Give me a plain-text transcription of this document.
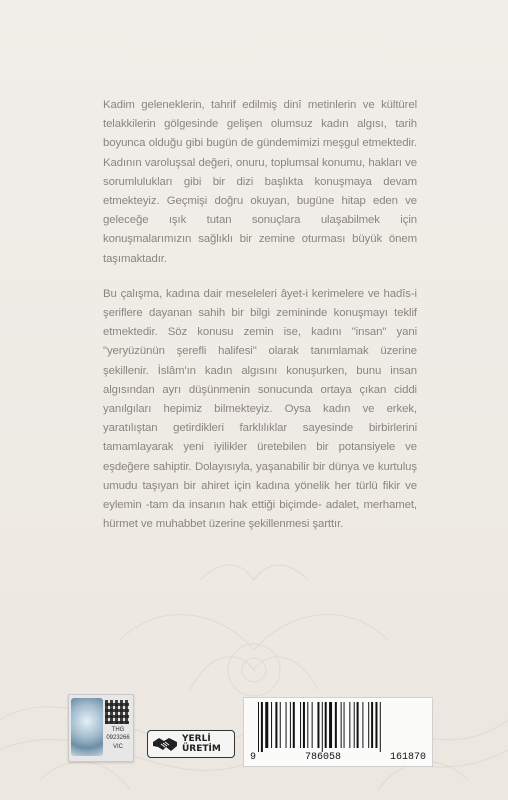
Kadim geleneklerin, tahrif edilmiş dinî metinlerin ve kültürel telakkilerin gölgesinde gelişen olumsuz kadın algısı, tarih boyunca olduğu gibi bugün de gündemimizi meşgul etmektedir. Kadının varoluşsal değeri, onuru, toplumsal konumu, hakları ve sorumlulukları gibi bir dizi başlıkta konuşmaya devam etmekteyiz. Geçmişi doğru okuyan, bugüne hitap eden ve geleceğe ışık tutan sonuçlara ulaşabilmek için konuşmalarımızın sağlıklı bir zemine oturması büyük önem taşımaktadır.

Bu çalışma, kadına dair meseleleri âyet-i kerimelere ve hadîs-i şeriflere dayanan sahih bir bilgi zemininde konuşmayı teklif etmektedir. Söz konusu zemin ise, kadını "insan" yani "yeryüzünün şerefli halifesi" olarak tanımlamak üzerine şekillenir. İslâm'ın kadın algısını konuşurken, bunu insan algısından ayrı düşünmenin sonucunda ortaya çıkan ciddi yanılgıları hepimiz bilmekteyiz. Oysa kadın ve erkek, yaratılıştan getirdikleri farklılıklar sayesinde birbirlerini tamamlayarak yeni iyilikler üretebilen bir potansiyele ve eşdeğere sahiptir. Dolayısıyla, yaşanabilir bir dünya ve kurtuluş umudu taşıyan bir ahiret için kadına yönelik her türlü fikir ve eylemin -tam da insanın hak ettiği biçimde- adalet, merhamet, hürmet ve muhabbet üzerine şekillenmesi şarttır.

THG
0923266
VIC
YERLİ
ÜRETİM
9	786058	161870
